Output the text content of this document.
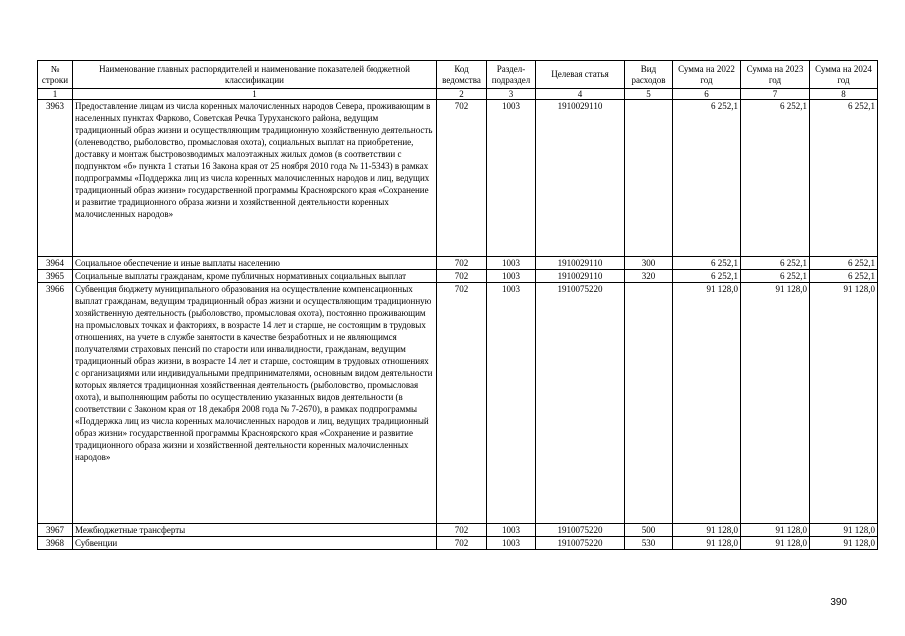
№ строки	Наименование главных распорядителей и наименование показателей бюджетной классификации	Код ведомства	Раздел-подраздел	Целевая статья	Вид расходов	Сумма на 2022 год	Сумма на 2023 год	Сумма на 2024 год
1	1	2	3	4	5	6	7	8
3963	Предоставление лицам из числа коренных малочисленных народов Севера, проживающим в населенных пунктах Фарково, Советская Речка Туруханского района, ведущим традиционный образ жизни и осуществляющим традиционную хозяйственную деятельность (оленеводство, рыболовство, промысловая охота), социальных выплат на приобретение, доставку и монтаж быстровозводимых малоэтажных жилых домов (в соответствии с подпунктом «б» пункта 1 статьи 16 Закона края от 25 ноября 2010 года № 11-5343) в рамках подпрограммы «Поддержка лиц из числа коренных малочисленных народов и лиц, ведущих традиционный образ жизни» государственной программы Красноярского края «Сохранение и развитие традиционного образа жизни и хозяйственной деятельности коренных малочисленных народов»	702	1003	1910029110		6 252,1	6 252,1	6 252,1
3964	Социальное обеспечение и иные выплаты населению	702	1003	1910029110	300	6 252,1	6 252,1	6 252,1
3965	Социальные выплаты гражданам, кроме публичных нормативных социальных выплат	702	1003	1910029110	320	6 252,1	6 252,1	6 252,1
3966	Субвенция бюджету муниципального образования на осуществление компенсационных выплат гражданам, ведущим традиционный образ жизни и осуществляющим традиционную хозяйственную деятельность (рыболовство, промысловая охота), постоянно проживающим на промысловых точках и факториях, в возрасте 14 лет и старше, не состоящим в трудовых отношениях, на учете в службе занятости в качестве безработных и не являющимся получателями страховых пенсий по старости или инвалидности, гражданам, ведущим традиционный образ жизни, в возрасте 14 лет и старше, состоящим в трудовых отношениях с организациями или индивидуальными предпринимателями, основным видом деятельности которых является традиционная хозяйственная деятельность (рыболовство, промысловая охота), и выполняющим работы по осуществлению указанных видов деятельности (в соответствии с Законом края от 18 декабря 2008 года № 7-2670), в рамках подпрограммы «Поддержка лиц из числа коренных малочисленных народов и лиц, ведущих традиционный образ жизни» государственной программы Красноярского края «Сохранение и развитие традиционного образа жизни и хозяйственной деятельности коренных малочисленных народов»	702	1003	1910075220		91 128,0	91 128,0	91 128,0
3967	Межбюджетные трансферты	702	1003	1910075220	500	91 128,0	91 128,0	91 128,0
3968	Субвенции	702	1003	1910075220	530	91 128,0	91 128,0	91 128,0
390
